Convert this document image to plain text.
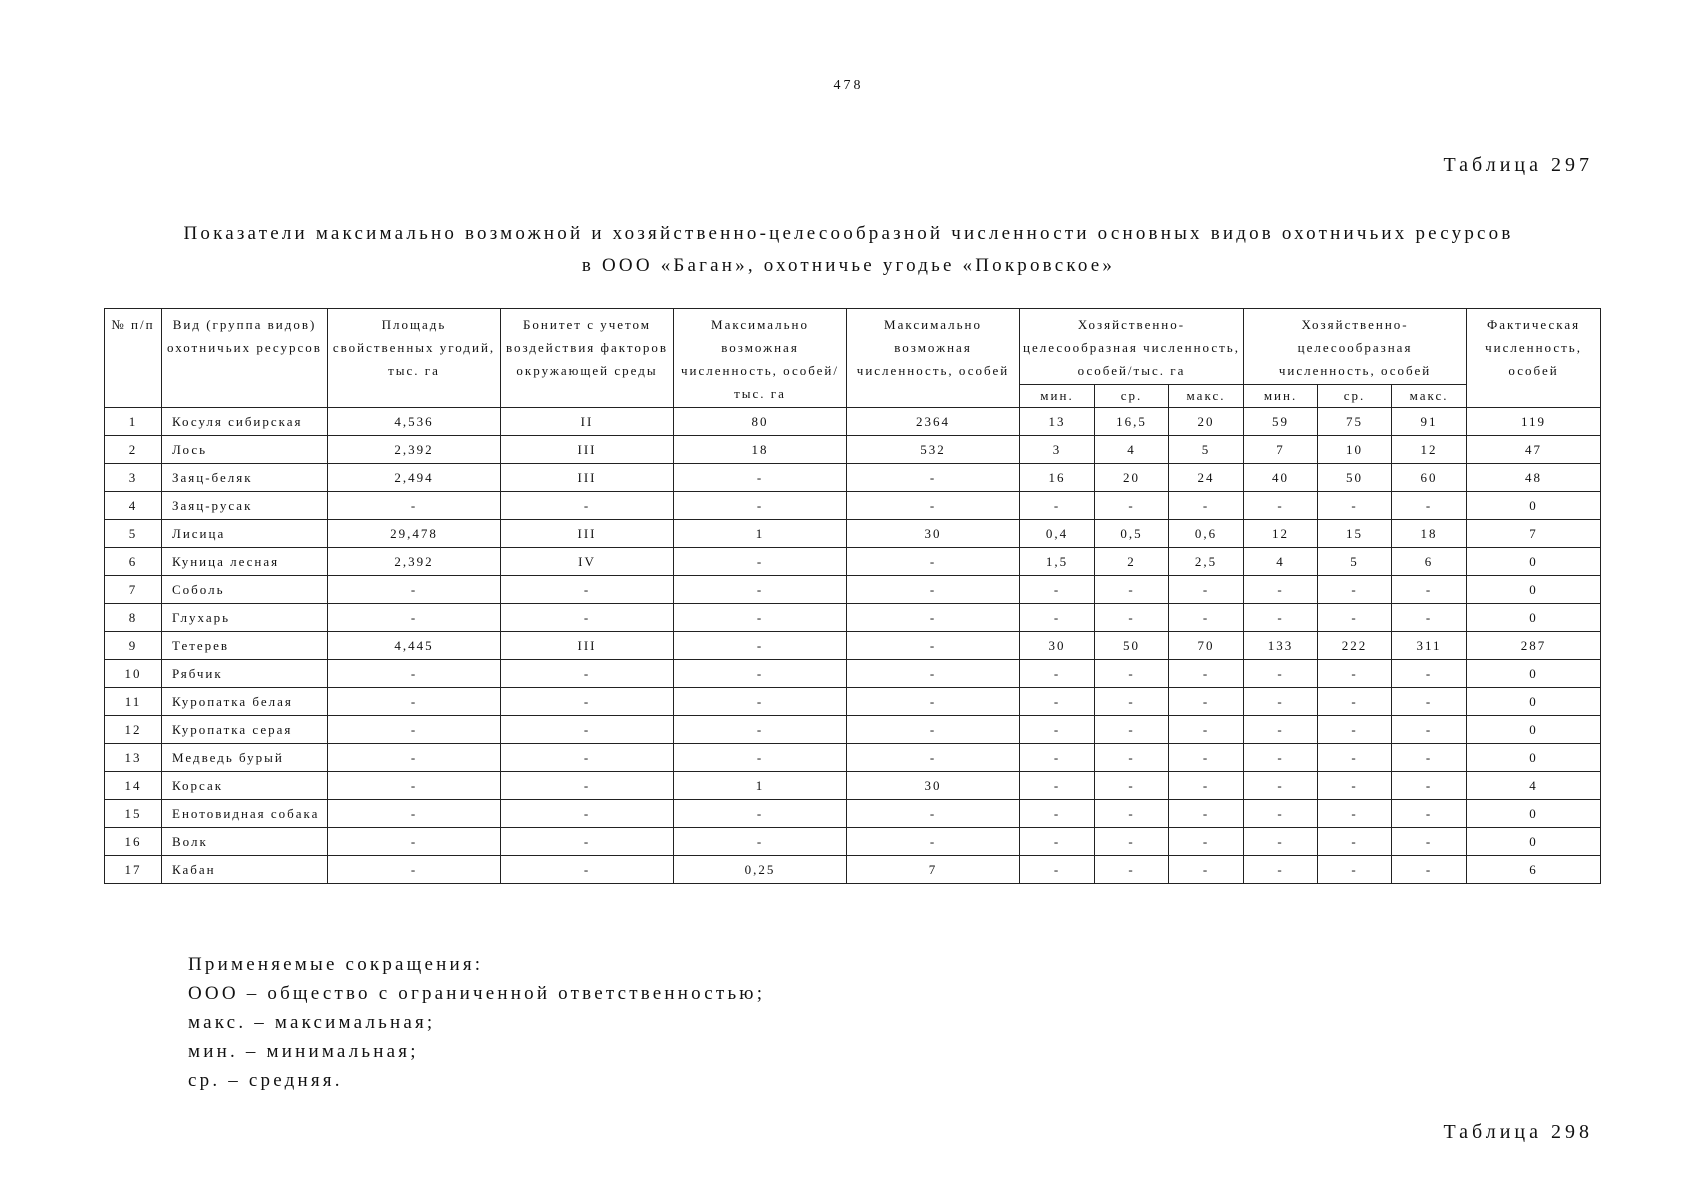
478
Таблица 297
Показатели максимально возможной и хозяйственно-целесообразной численности основных видов охотничьих ресурсов
в ООО «Баган», охотничье угодье «Покровское»
№ п/п	Вид (группа видов) охотничьих ресурсов	Площадь свойственных угодий, тыс. га	Бонитет с учетом воздействия факторов окружающей среды	Максимально возможная численность, особей/тыс. га	Максимально возможная численность, особей	Хозяйственно-целесообразная численность, особей/тыс. га			Хозяйственно-целесообразная численность, особей			Фактическая численность, особей
						мин.	ср.	макс.	мин.	ср.	макс.	
1	Косуля сибирская	4,536	II	80	2364	13	16,5	20	59	75	91	119
2	Лось	2,392	III	18	532	3	4	5	7	10	12	47
3	Заяц-беляк	2,494	III	-	-	16	20	24	40	50	60	48
4	Заяц-русак	-	-	-	-	-	-	-	-	-	-	0
5	Лисица	29,478	III	1	30	0,4	0,5	0,6	12	15	18	7
6	Куница лесная	2,392	IV	-	-	1,5	2	2,5	4	5	6	0
7	Соболь	-	-	-	-	-	-	-	-	-	-	0
8	Глухарь	-	-	-	-	-	-	-	-	-	-	0
9	Тетерев	4,445	III	-	-	30	50	70	133	222	311	287
10	Рябчик	-	-	-	-	-	-	-	-	-	-	0
11	Куропатка белая	-	-	-	-	-	-	-	-	-	-	0
12	Куропатка серая	-	-	-	-	-	-	-	-	-	-	0
13	Медведь бурый	-	-	-	-	-	-	-	-	-	-	0
14	Корсак	-	-	1	30	-	-	-	-	-	-	4
15	Енотовидная собака	-	-	-	-	-	-	-	-	-	-	0
16	Волк	-	-	-	-	-	-	-	-	-	-	0
17	Кабан	-	-	0,25	7	-	-	-	-	-	-	6
Применяемые сокращения:
ООО – общество с ограниченной ответственностью;
макс. – максимальная;
мин. – минимальная;
ср. – средняя.
Таблица 298
